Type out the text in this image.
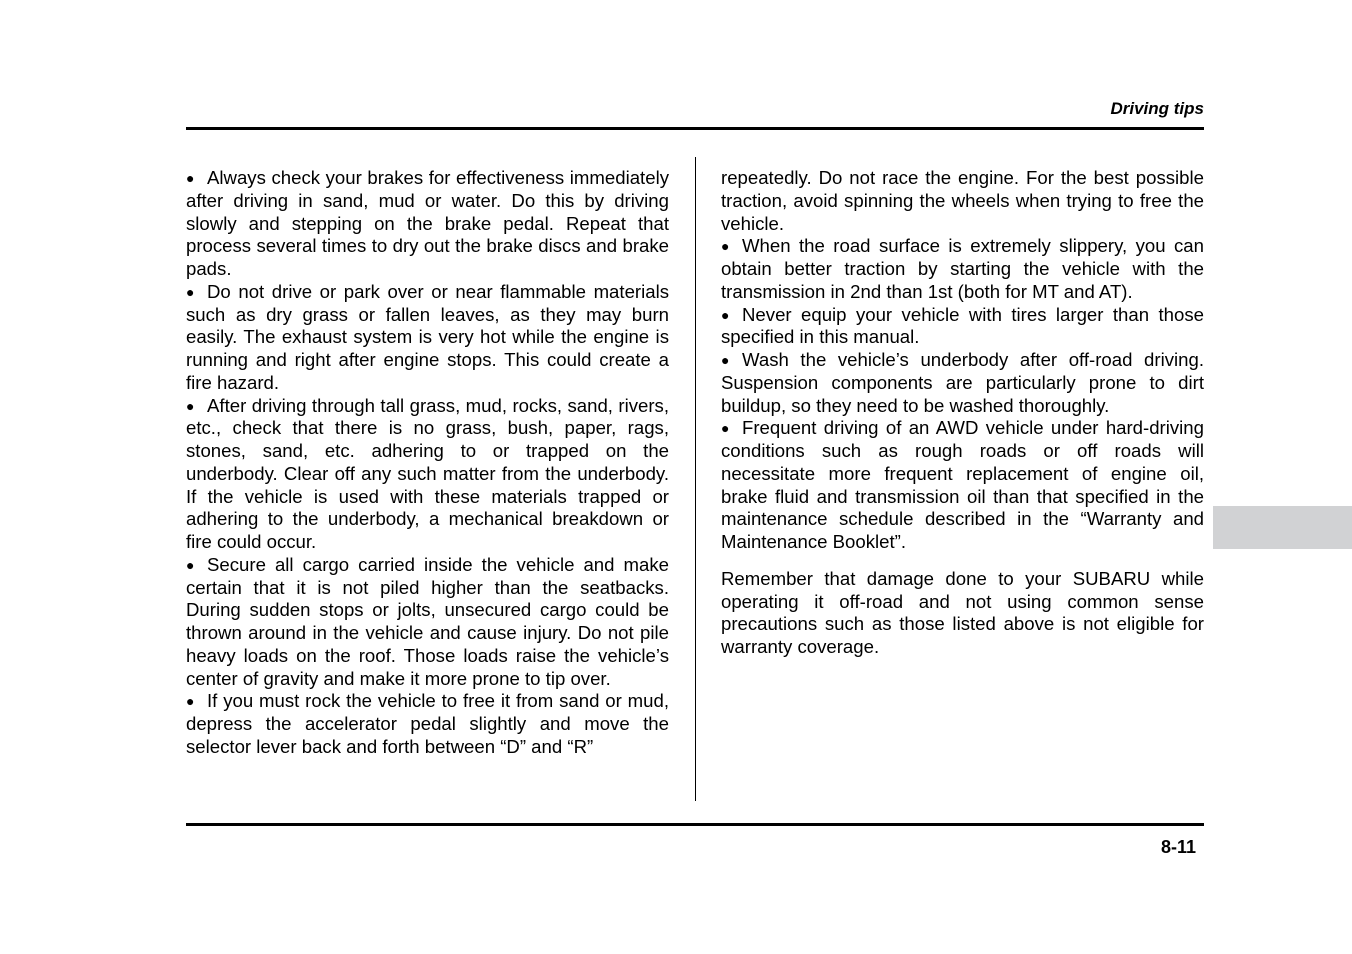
Driving tips

● Always check your brakes for effectiveness immediately after driving in sand, mud or water. Do this by driving slowly and stepping on the brake pedal. Repeat that process several times to dry out the brake discs and brake pads.

● Do not drive or park over or near flammable materials such as dry grass or fallen leaves, as they may burn easily. The exhaust system is very hot while the engine is running and right after engine stops. This could create a fire hazard.

● After driving through tall grass, mud, rocks, sand, rivers, etc., check that there is no grass, bush, paper, rags, stones, sand, etc. adhering to or trapped on the underbody. Clear off any such matter from the underbody. If the vehicle is used with these materials trapped or adhering to the underbody, a mechanical breakdown or fire could occur.

● Secure all cargo carried inside the vehicle and make certain that it is not piled higher than the seatbacks. During sudden stops or jolts, unsecured cargo could be thrown around in the vehicle and cause injury. Do not pile heavy loads on the roof. Those loads raise the vehicle’s center of gravity and make it more prone to tip over.

● If you must rock the vehicle to free it from sand or mud, depress the accelerator pedal slightly and move the selector lever back and forth between “D” and “R”

repeatedly. Do not race the engine. For the best possible traction, avoid spinning the wheels when trying to free the vehicle.

● When the road surface is extremely slippery, you can obtain better traction by starting the vehicle with the transmission in 2nd than 1st (both for MT and AT).

● Never equip your vehicle with tires larger than those specified in this manual.

● Wash the vehicle’s underbody after off-road driving. Suspension components are particularly prone to dirt buildup, so they need to be washed thoroughly.

● Frequent driving of an AWD vehicle under hard-driving conditions such as rough roads or off roads will necessitate more frequent replacement of engine oil, brake fluid and transmission oil than that specified in the maintenance schedule described in the “Warranty and Maintenance Booklet”.

Remember that damage done to your SUBARU while operating it off-road and not using common sense precautions such as those listed above is not eligible for warranty coverage.

8-11
